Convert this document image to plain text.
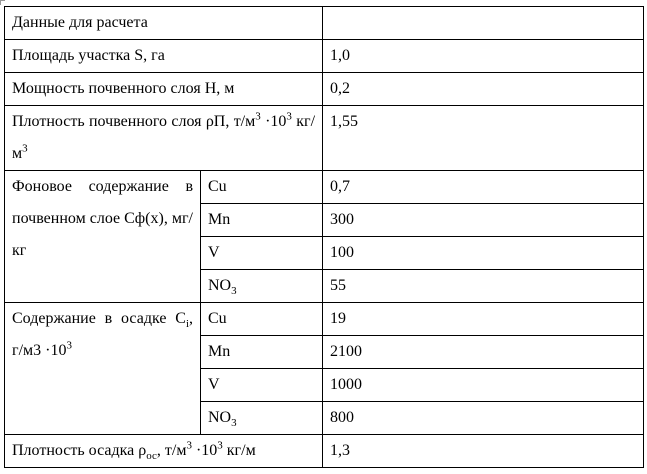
Данные для расчета		
Площадь участка S, га		1,0
Мощность почвенного слоя H, м		0,2
Плотность почвенного слоя ρП, $т/м^3 \cdot 10^3$ $кг/м^3$		1,55
Фоновое содержание в почвенном слое Cф(x), мг/кг	Cu	0,7
	Mn	300
	V	100
	$NO_3$	55
Содержание в осадке $C_i$, $г/м3 \cdot 10^3$	Cu	19
	Mn	2100
	V	1000
	$NO_3$	800
Плотность осадка $\rho_{ос}$, $т/м^3 \cdot 10^3$ кг/м		1,3
